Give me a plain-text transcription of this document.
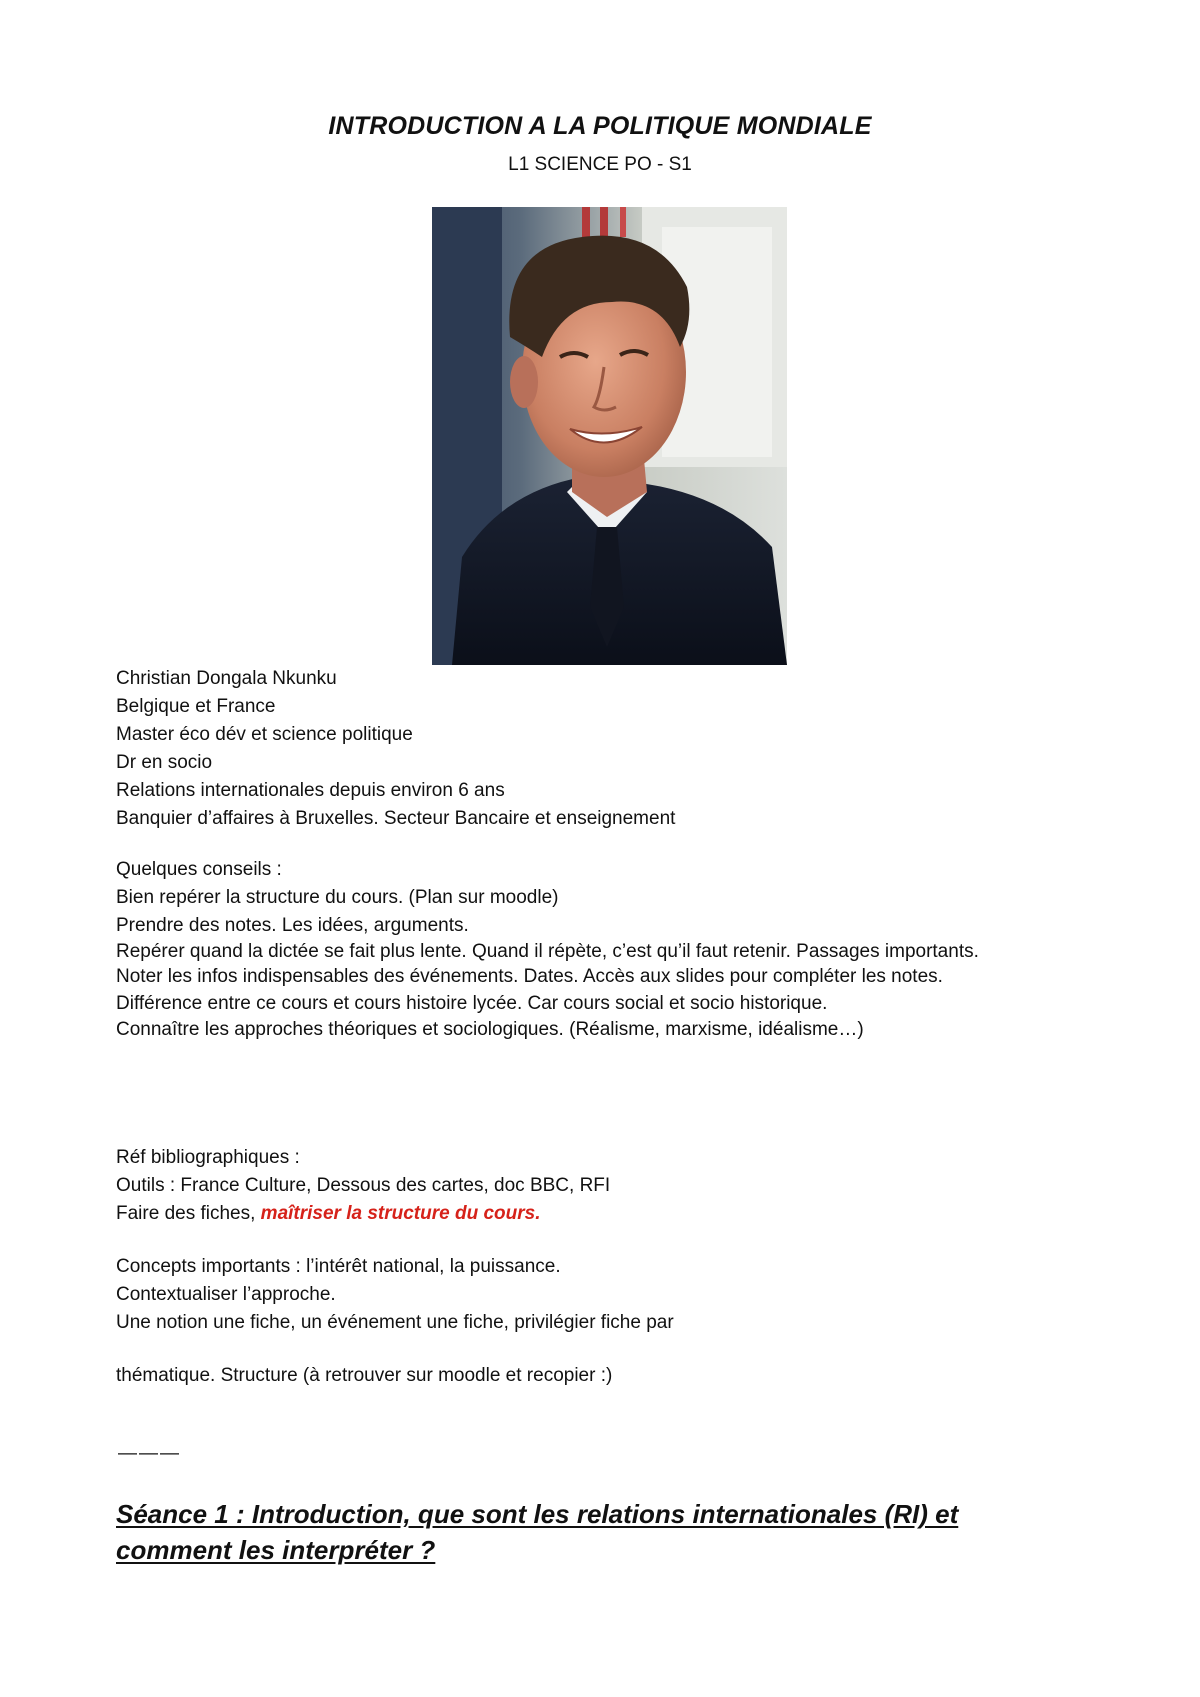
INTRODUCTION A LA POLITIQUE MONDIALE
L1 SCIENCE PO - S1

Christian Dongala Nkunku

Belgique et France

Master éco dév et science politique

Dr en socio

Relations internationales depuis environ 6 ans

Banquier d’affaires à Bruxelles. Secteur Bancaire et enseignement

Quelques conseils :

Bien repérer la structure du cours. (Plan sur moodle)

Prendre des notes. Les idées, arguments.

Repérer quand la dictée se fait plus lente. Quand il répète, c’est qu’il faut retenir. Passages importants.

Noter les infos indispensables des événements. Dates. Accès aux slides pour compléter les notes.

Différence entre ce cours et cours histoire lycée. Car cours social et socio historique.

Connaître les approches théoriques et sociologiques. (Réalisme, marxisme, idéalisme…)

Réf bibliographiques :

Outils : France Culture, Dessous des cartes, doc BBC, RFI

Faire des fiches, maîtriser la structure du cours.

Concepts importants : l’intérêt national, la puissance.

Contextualiser l’approche.

Une notion une fiche, un événement une fiche, privilégier fiche par

thématique. Structure (à retrouver sur moodle et recopier :)
———
Séance 1 : Introduction, que sont les relations internationales (RI) et comment les interpréter ?
